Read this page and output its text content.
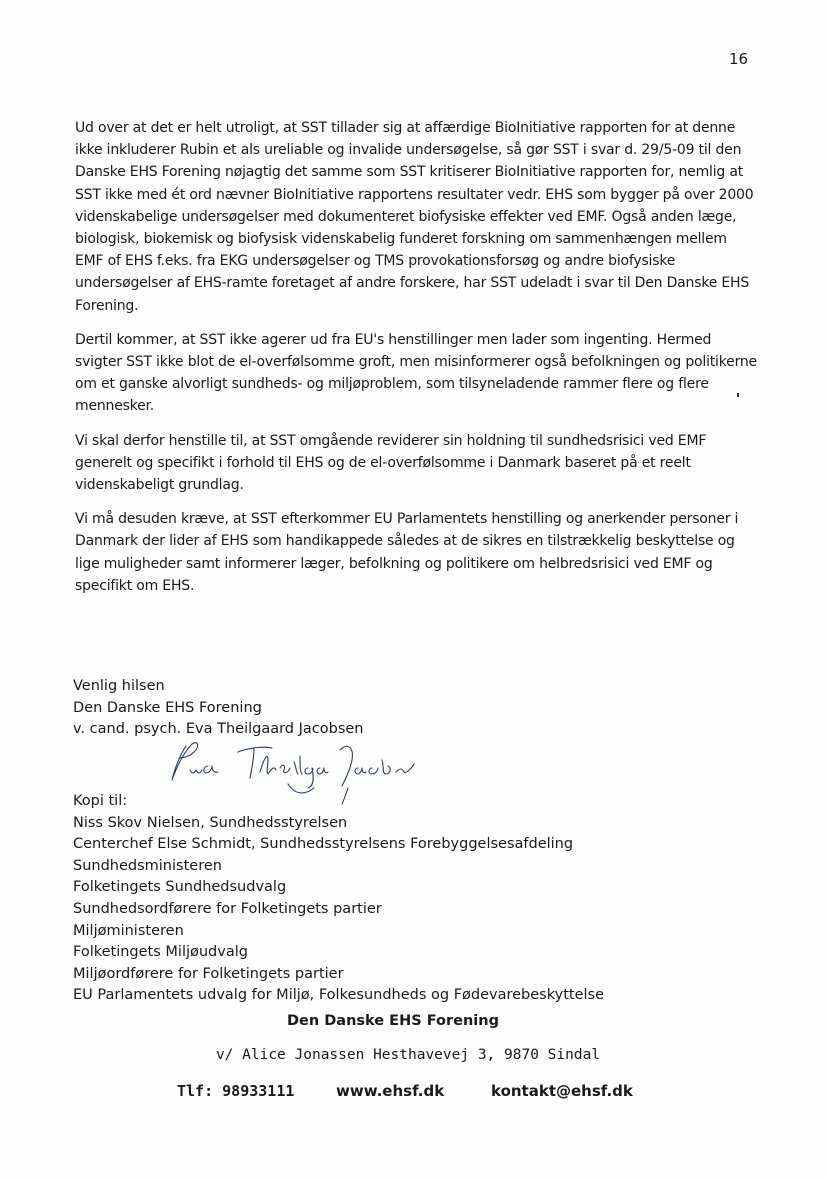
16

Ud over at det er helt utroligt, at SST tillader sig at affærdige BioInitiative rapporten for at denne ikke inkluderer Rubin et als ureliable og invalide undersøgelse, så gør SST i svar d. 29/5-09 til den Danske EHS Forening nøjagtig det samme som SST kritiserer BioInitiative rapporten for, nemlig at SST ikke med ét ord nævner BioInitiative rapportens resultater vedr. EHS som bygger på over 2000 videnskabelige undersøgelser med dokumenteret biofysiske effekter ved EMF. Også anden læge, biologisk, biokemisk og biofysisk videnskabelig funderet forskning om sammenhængen mellem EMF of EHS f.eks. fra EKG undersøgelser og TMS provokationsforsøg og andre biofysiske undersøgelser af EHS-ramte foretaget af andre forskere, har SST udeladt i svar til Den Danske EHS Forening.

Dertil kommer, at SST ikke agerer ud fra EU's henstillinger men lader som ingenting. Hermed svigter SST ikke blot de el-overfølsomme groft, men misinformerer også befolkningen og politikerne om et ganske alvorligt sundheds- og miljøproblem, som tilsyneladende rammer flere og flere mennesker.

Vi skal derfor henstille til, at SST omgående reviderer sin holdning til sundhedsrisici ved EMF generelt og specifikt i forhold til EHS og de el-overfølsomme i Danmark baseret på et reelt videnskabeligt grundlag.

Vi må desuden kræve, at SST efterkommer EU Parlamentets henstilling og anerkender personer i Danmark der lider af EHS som handikappede således at de sikres en tilstrækkelig beskyttelse og lige muligheder samt informerer læger, befolkning og politikere om helbredsrisici ved EMF og specifikt om EHS.

Venlig hilsen
Den Danske EHS Forening
v. cand. psych. Eva Theilgaard Jacobsen
Kopi til:
Niss Skov Nielsen, Sundhedsstyrelsen
Centerchef Else Schmidt, Sundhedsstyrelsens Forebyggelsesafdeling
Sundhedsministeren
Folketingets Sundhedsudvalg
Sundhedsordførere for Folketingets partier
Miljøministeren
Folketingets Miljøudvalg
Miljøordførere for Folketingets partier
EU Parlamentets udvalg for Miljø, Folkesundheds og Fødevarebeskyttelse
Den Danske EHS Forening
v/ Alice Jonassen Hesthavevej 3, 9870 Sindal
Tlf: 98933111	www.ehsf.dk	kontakt@ehsf.dk
